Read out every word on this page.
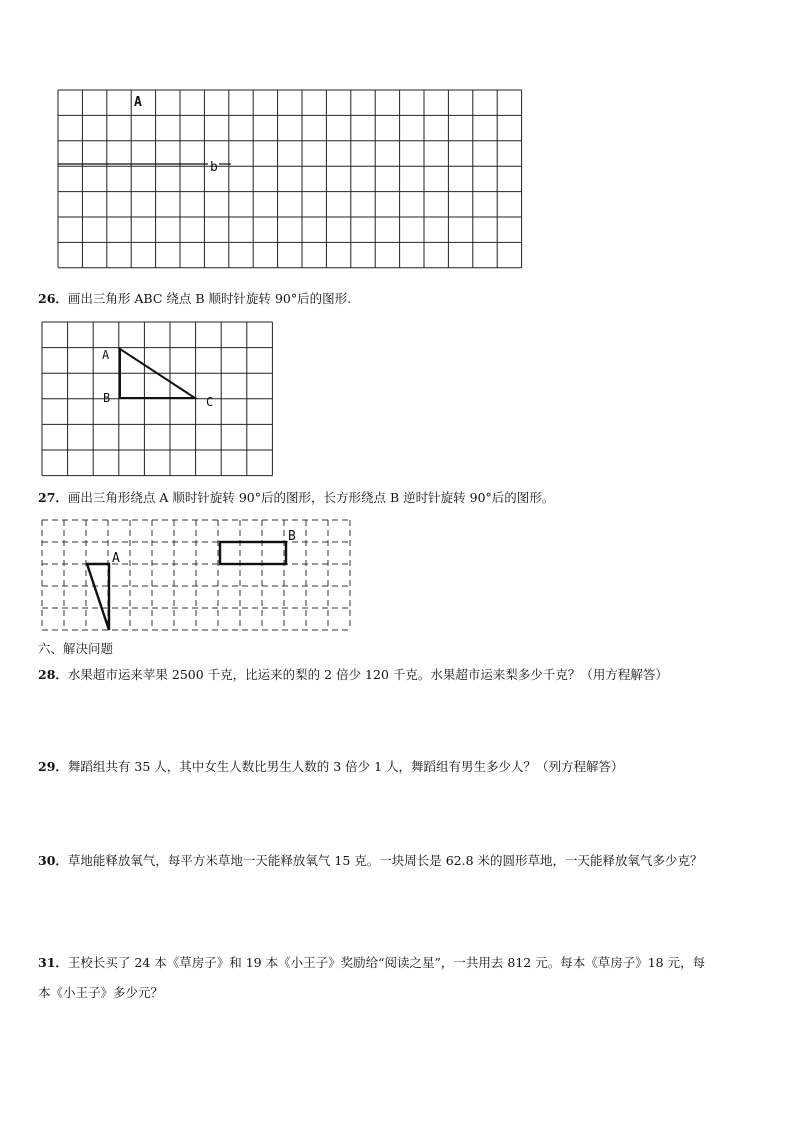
A
b
26．画出三角形 ABC 绕点 B 顺时针旋转 90°后的图形.
A
B	C
27．画出三角形绕点 A 顺时针旋转 90°后的图形，长方形绕点 B 逆时针旋转 90°后的图形。
A
B
六、解决问题
28．水果超市运来苹果 2500 千克，比运来的梨的 2 倍少 120 千克。水果超市运来梨多少千克？（用方程解答）
29．舞蹈组共有 35 人，其中女生人数比男生人数的 3 倍少 1 人，舞蹈组有男生多少人？（列方程解答）
30．草地能释放氧气，每平方米草地一天能释放氧气 15 克。一块周长是 62.8 米的圆形草地，一天能释放氧气多少克？
31．王校长买了 24 本《草房子》和 19 本《小王子》奖励给“阅读之星”，一共用去 812 元。每本《草房子》18 元，每
本《小王子》多少元？
